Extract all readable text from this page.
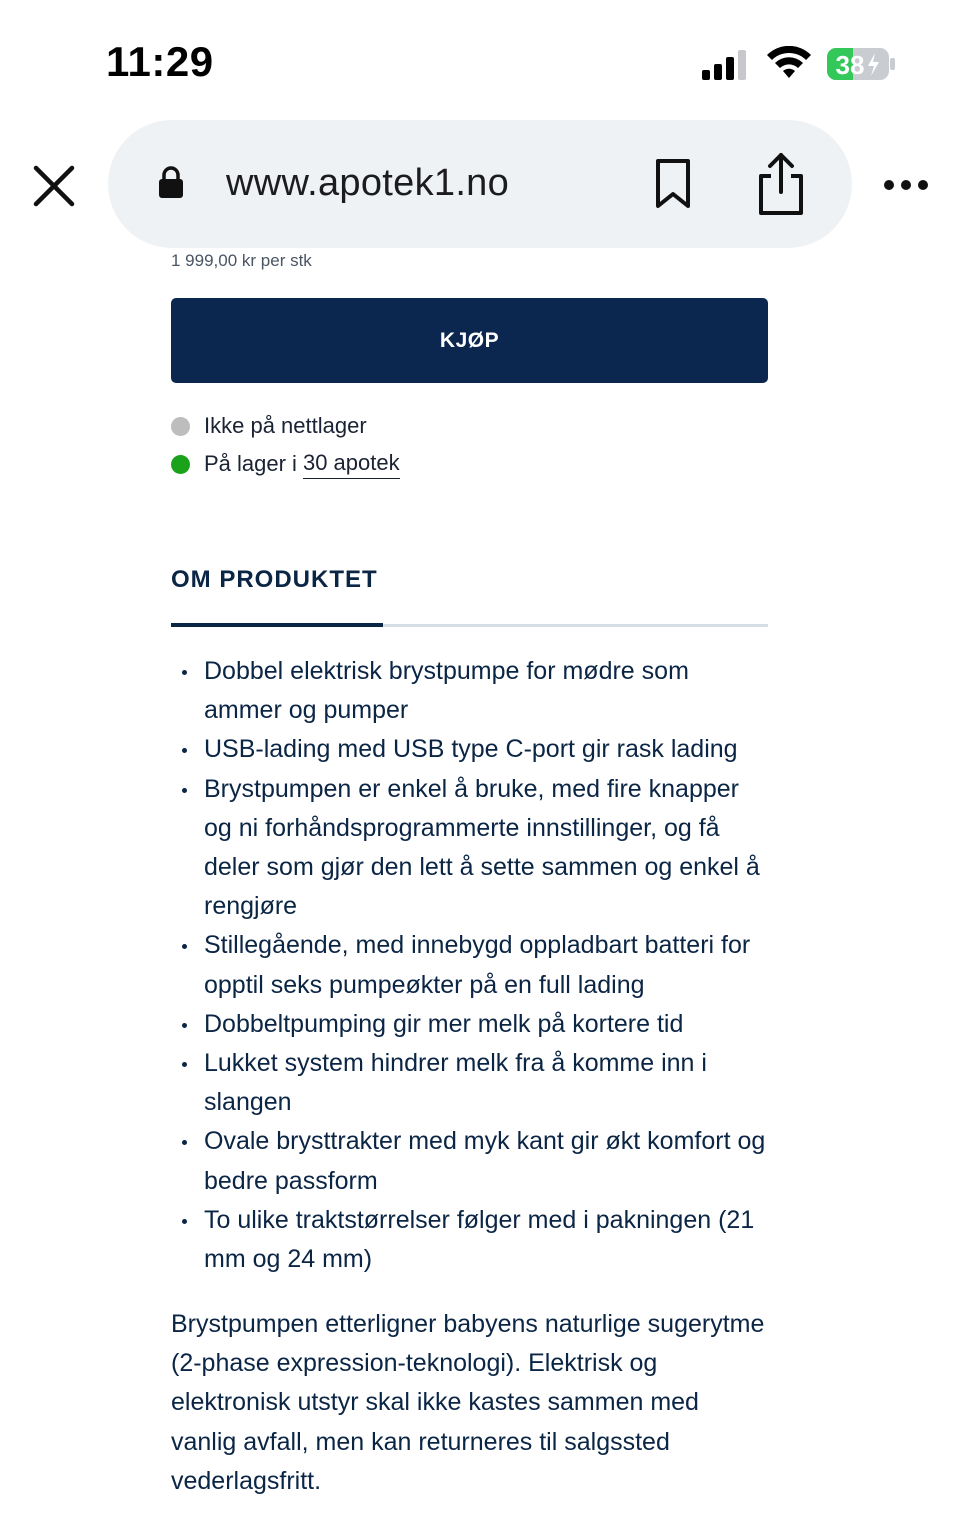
11:29	38
www.apotek1.no
1 999,00 kr per stk
KJØP
Ikke på nettlager
På lager i 30 apotek
OM PRODUKTET
Dobbel elektrisk brystpumpe for mødre som ammer og pumper
USB-lading med USB type C-port gir rask lading
Brystpumpen er enkel å bruke, med fire knapper og ni forhåndsprogrammerte innstillinger, og få deler som gjør den lett å sette sammen og enkel å rengjøre
Stillegående, med innebygd oppladbart batteri for opptil seks pumpeøkter på en full lading
Dobbeltpumping gir mer melk på kortere tid
Lukket system hindrer melk fra å komme inn i slangen
Ovale brysttrakter med myk kant gir økt komfort og bedre passform
To ulike traktstørrelser følger med i pakningen (21 mm og 24 mm)

Brystpumpen etterligner babyens naturlige sugerytme (2-phase expression-teknologi). Elektrisk og elektronisk utstyr skal ikke kastes sammen med vanlig avfall, men kan returneres til salgssted vederlagsfritt.
